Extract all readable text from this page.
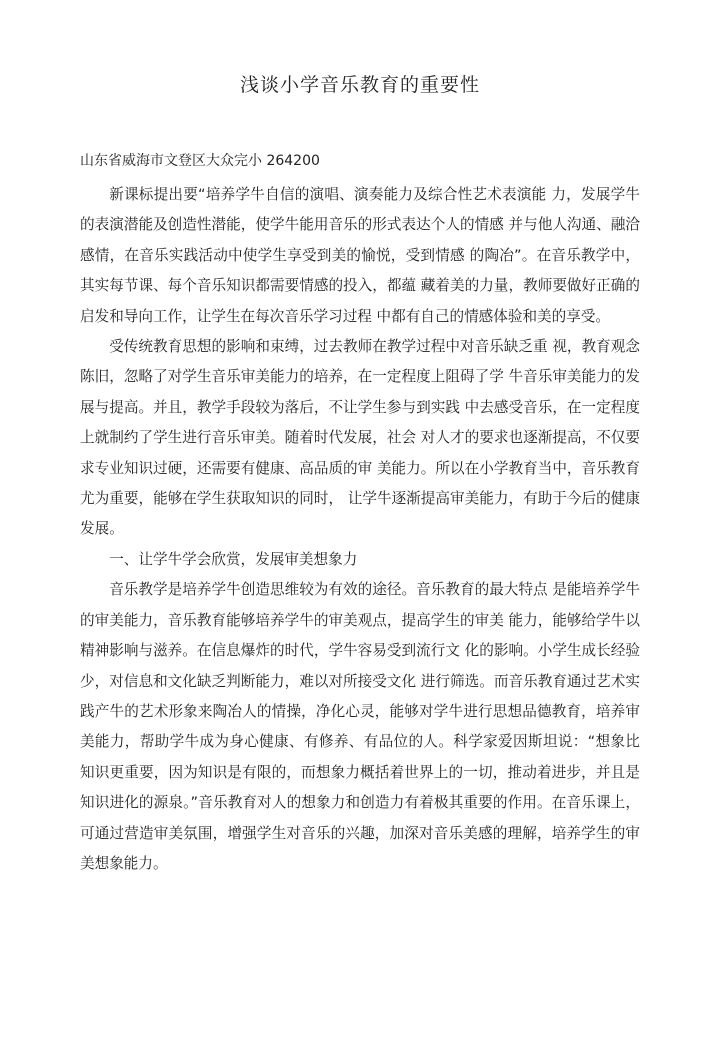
浅谈小学音乐教育的重要性
山东省威海市文登区大众完小 264200

新课标提出要“培养学牛自信的演唱、演奏能力及综合性艺术表演能 力，发展学牛的表演潜能及创造性潜能，使学牛能用音乐的形式表达个人的情感 并与他人沟通、融洽感情，在音乐实践活动中使学生享受到美的愉悦，受到情感 的陶冶”。在音乐教学中，其实每节课、每个音乐知识都需要情感的投入，都蕴 藏着美的力量，教师要做好正确的启发和导向工作，让学生在每次音乐学习过程 中都有自己的情感体验和美的享受。

受传统教育思想的影响和束缚，过去教师在教学过程中对音乐缺乏重 视，教育观念陈旧，忽略了对学生音乐审美能力的培养，在一定程度上阻碍了学 牛音乐审美能力的发展与提高。并且，教学手段较为落后，不让学生参与到实践 中去感受音乐，在一定程度上就制约了学生进行音乐审美。随着时代发展，社会 对人才的要求也逐渐提高，不仅要求专业知识过硬，还需要有健康、高品质的审 美能力。所以在小学教育当中，音乐教育尤为重要，能够在学生获取知识的同时， 让学牛逐渐提高审美能力，有助于今后的健康发展。

一、让学牛学会欣赏，发展审美想象力

音乐教学是培养学牛创造思维较为有效的途径。音乐教育的最大特点 是能培养学牛的审美能力，音乐教育能够培养学牛的审美观点，提高学生的审美 能力，能够给学牛以精神影响与滋养。在信息爆炸的时代，学牛容易受到流行文 化的影响。小学生成长经验少，对信息和文化缺乏判断能力，难以对所接受文化 进行筛选。而音乐教育通过艺术实践产牛的艺术形象来陶冶人的情操，净化心灵，能够对学牛进行思想品德教育，培养审美能力，帮助学牛成为身心健康、有修养、有品位的人。科学家爱因斯坦说：“想象比知识更重要，因为知识是有限的，而想象力概括着世界上的一切，推动着进步，并且是知识进化的源泉。”音乐教育对人的想象力和创造力有着极其重要的作用。在音乐课上，可通过营造审美氛围，增强学生对音乐的兴趣，加深对音乐美感的理解，培养学生的审美想象能力。
